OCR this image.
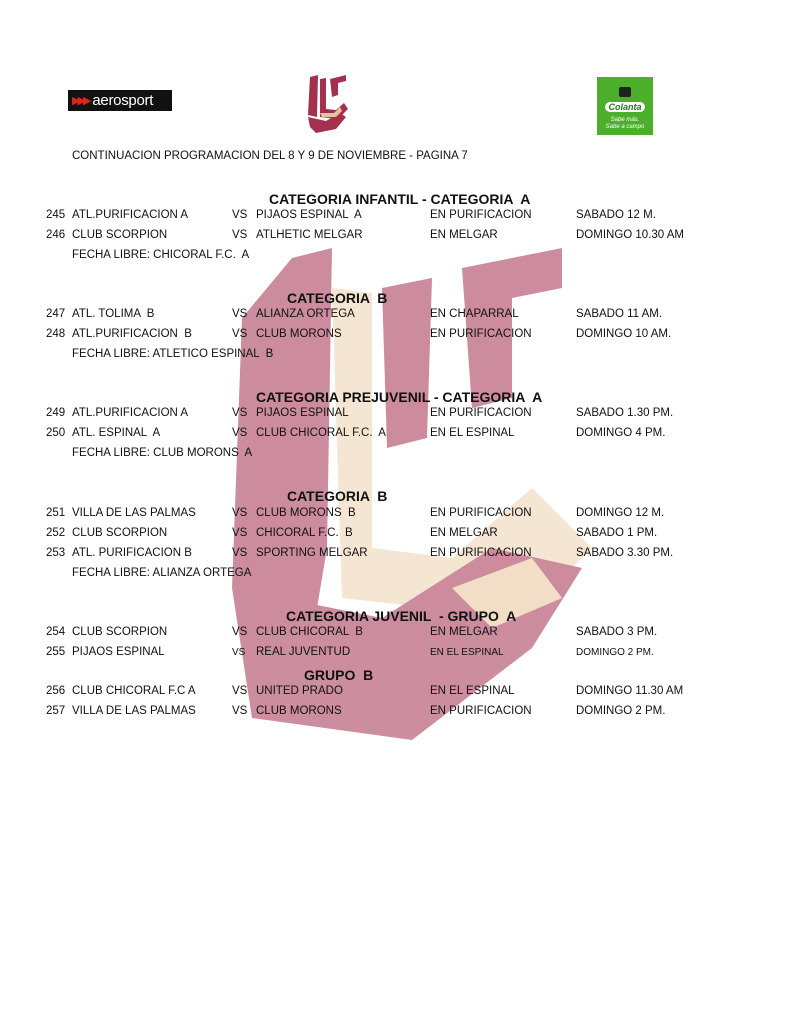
▶▶▶ aerosport	Colanta
Sabe más.
Sabe a campo
CONTINUACION PROGRAMACION DEL 8 Y 9 DE NOVIEMBRE - PAGINA 7
CATEGORIA INFANTIL - CATEGORIA  A
245 ATL.PURIFICACION A	VS PIJAOS ESPINAL  A	EN PURIFICACION	SABADO 12 M.
246 CLUB SCORPION	VS ATLHETIC MELGAR	EN MELGAR	DOMINGO 10.30 AM
FECHA LIBRE: CHICORAL F.C.  A
CATEGORIA  B
247 ATL. TOLIMA  B	VS ALIANZA ORTEGA	EN CHAPARRAL	SABADO 11 AM.
248 ATL.PURIFICACION  B	VS CLUB MORONS	EN PURIFICACION	DOMINGO 10 AM.
FECHA LIBRE: ATLETICO ESPINAL  B
CATEGORIA PREJUVENIL - CATEGORIA  A
249 ATL.PURIFICACION A	VS PIJAOS ESPINAL	EN PURIFICACION	SABADO 1.30 PM.
250 ATL. ESPINAL  A	VS CLUB CHICORAL F.C.  A	EN EL ESPINAL	DOMINGO 4 PM.
FECHA LIBRE: CLUB MORONS  A
CATEGORIA  B
251 VILLA DE LAS PALMAS	VS CLUB MORONS  B	EN PURIFICACION	DOMINGO 12 M.
252 CLUB SCORPION	VS CHICORAL F.C.  B	EN MELGAR	SABADO 1 PM.
253 ATL. PURIFICACION B	VS SPORTING MELGAR	EN PURIFICACION	SABADO 3.30 PM.
FECHA LIBRE: ALIANZA ORTEGA
CATEGORIA JUVENIL  - GRUPO  A
254 CLUB SCORPION	VS CLUB CHICORAL  B	EN MELGAR	SABADO 3 PM.
255 PIJAOS ESPINAL	VS REAL JUVENTUD	EN EL ESPINAL	DOMINGO 2 PM.
GRUPO  B
256 CLUB CHICORAL F.C A	VS UNITED PRADO	EN EL ESPINAL	DOMINGO 11.30 AM
257 VILLA DE LAS PALMAS	VS CLUB MORONS	EN PURIFICACION	DOMINGO 2 PM.
